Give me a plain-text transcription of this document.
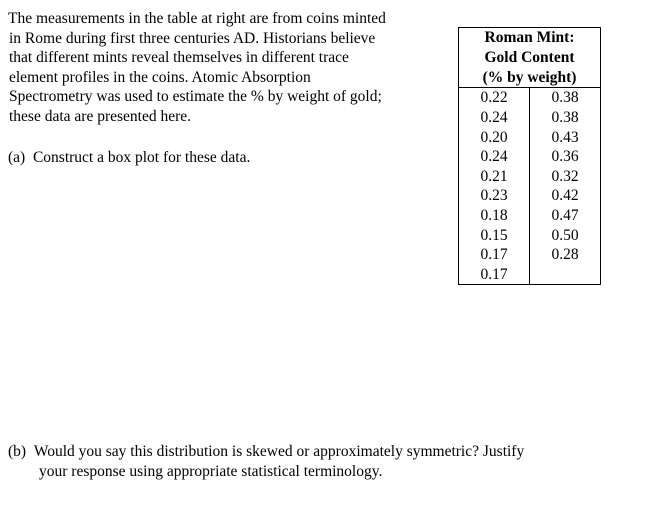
The measurements in the table at right are from coins minted
in Rome during first three centuries AD. Historians believe
that different mints reveal themselves in different trace
element profiles in the coins. Atomic Absorption
Spectrometry was used to estimate the % by weight of gold;
these data are presented here.
(a) Construct a box plot for these data.
Roman Mint:
Gold Content
(% by weight)	

0.22	0.38
0.24	0.38
0.20	0.43
0.24	0.36
0.21	0.32
0.23	0.42
0.18	0.47
0.15	0.50
0.17	0.28
0.17	
(b) Would you say this distribution is skewed or approximately symmetric? Justify
your response using appropriate statistical terminology.
